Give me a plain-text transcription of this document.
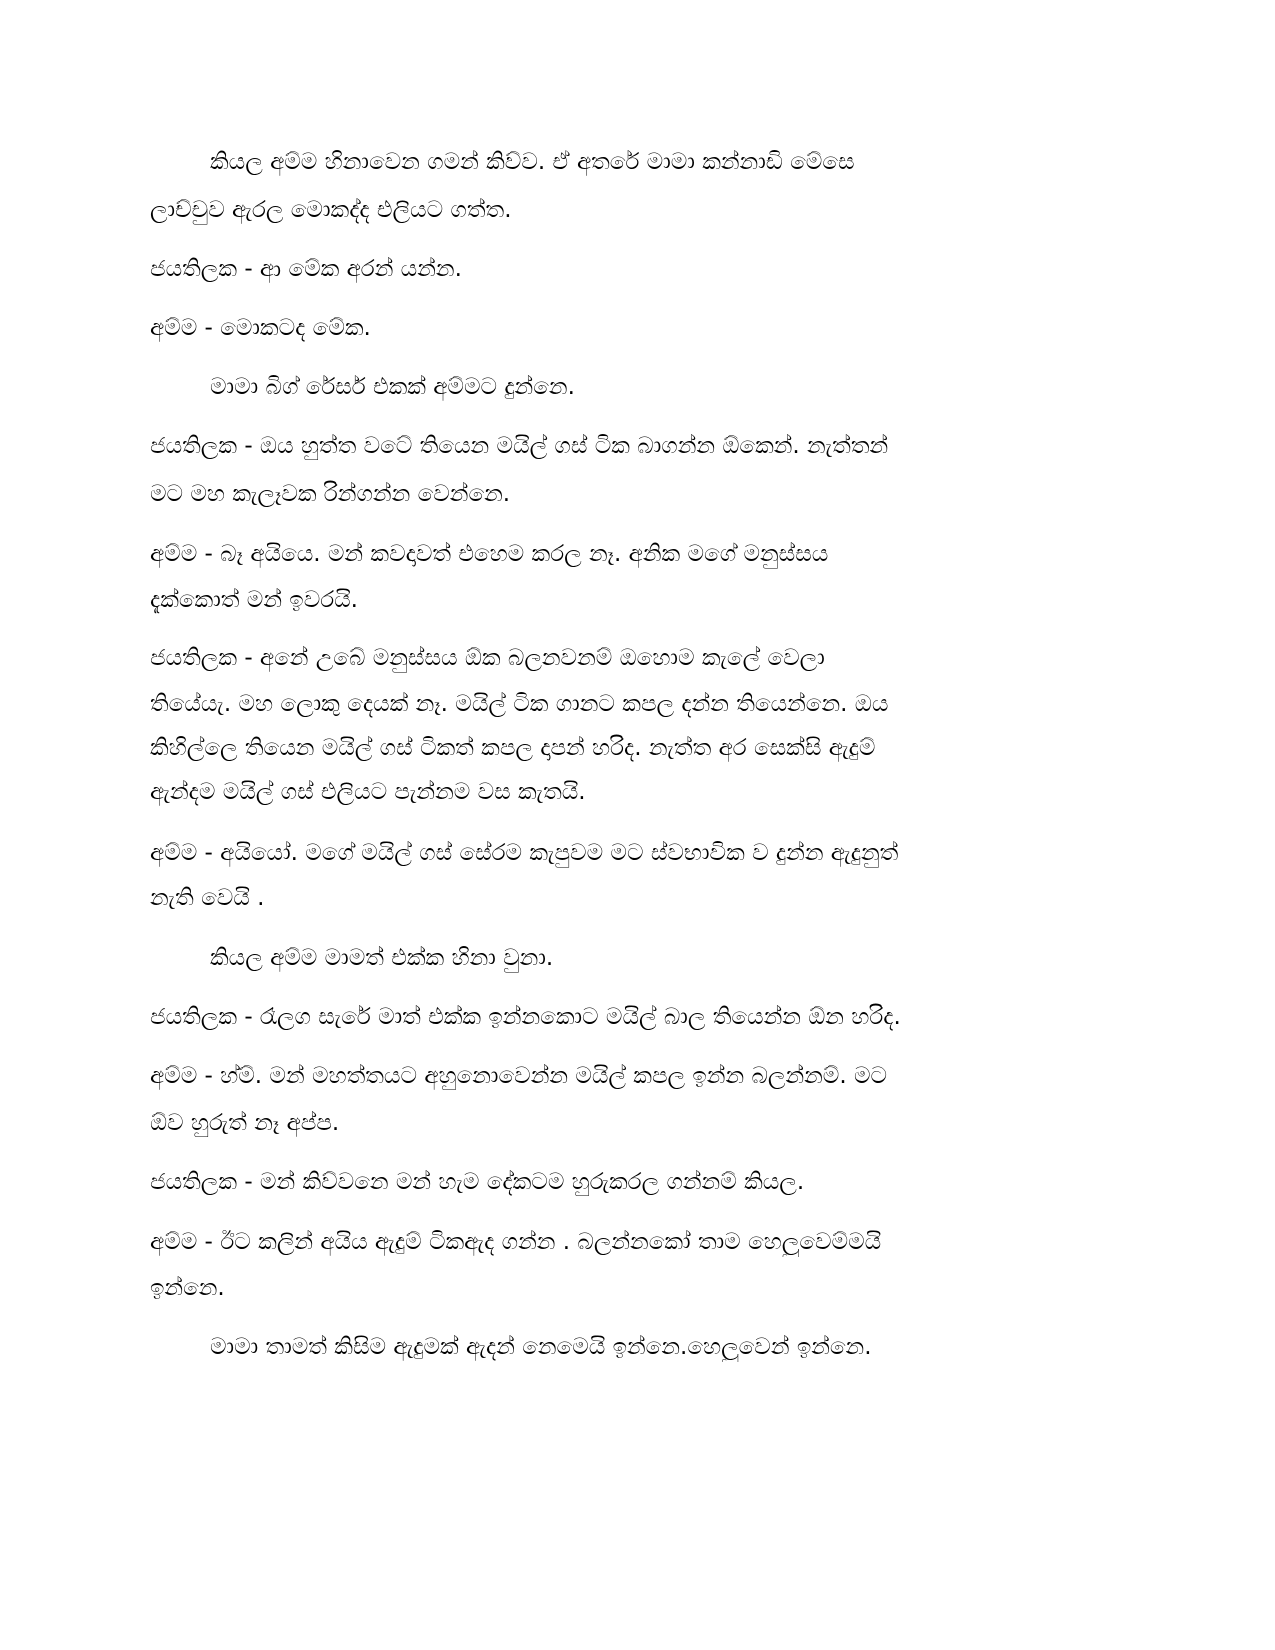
කියල අම්ම හිනාවෙන ගමන් කිව්ව. ඒ අතරේ මාමා කන්නාඩි මේසෙ
ලාච්චුව ඇරල මොකද්ද එලියට ගත්ත.
ජයතිලක - ආ මේක අරන් යන්න.
අම්ම - මොකටද මේක.
මාමා බිග් රේසර් එකක් අම්මට දුන්නෙ.
ජයතිලක - ඔය හුත්ත වටේ තියෙන මයිල් ගස් ටික බාගන්න ඕකෙන්. නැත්තන්
මට මහ කැලෑවක රින්ගන්න වෙන්නෙ.
අම්ම - බෑ අයියෙ. මන් කවදාවත් එහෙම කරල නෑ. අනික මගේ මනුස්සය
දැක්කොත් මන් ඉවරයි.
ජයතිලක - අනේ උබේ මනුස්සය ඕක බලනවනම් ඔහොම කැලේ වෙලා
තියේයැ. මහ ලොකු දෙයක් නෑ. මයිල් ටික ගානට කපල දන්න තියෙන්නෙ. ඔය
කිහිල්ලෙ තියෙන මයිල් ගස් ටිකත් කපල දාපන් හරිද. නැත්ත අර සෙක්සි ඇදුම්
ඇන්දම මයිල් ගස් එලියට පැන්නම වස කැතයි.
අම්ම - අයියෝ. මගේ මයිල් ගස් සේරම කැපුවම මට ස්වභාවික ව දුන්න ඇදුනුත්
නැති වෙයි .
කියල අම්ම මාමත් එක්ක හිනා වුනා.
ජයතිලක - රෑලග සැරේ මාත් එක්ක ඉන්නකොට මයිල් බාල තියෙන්න ඕන හරිද.
අම්ම - හ්ම්. මන් මහත්තයට අහුනොවෙන්න මයිල් කපල ඉන්න බලන්නම්. මට
ඕව හුරුත් නෑ අප්ප.
ජයතිලක - මන් කිව්වනෙ මන් හැම දේකටම හුරුකරල ගන්නම් කියල.
අම්ම - ඊට කලින් අයිය ඇදුම් ටිකඇද ගන්න . බලන්නකෝ තාම හෙලුවෙම්මයි
ඉන්නෙ.
මාමා තාමත් කිසිම ඇදුමක් ඇදන් නෙමෙයි ඉන්නෙ.හෙලුවෙන් ඉන්නෙ.
